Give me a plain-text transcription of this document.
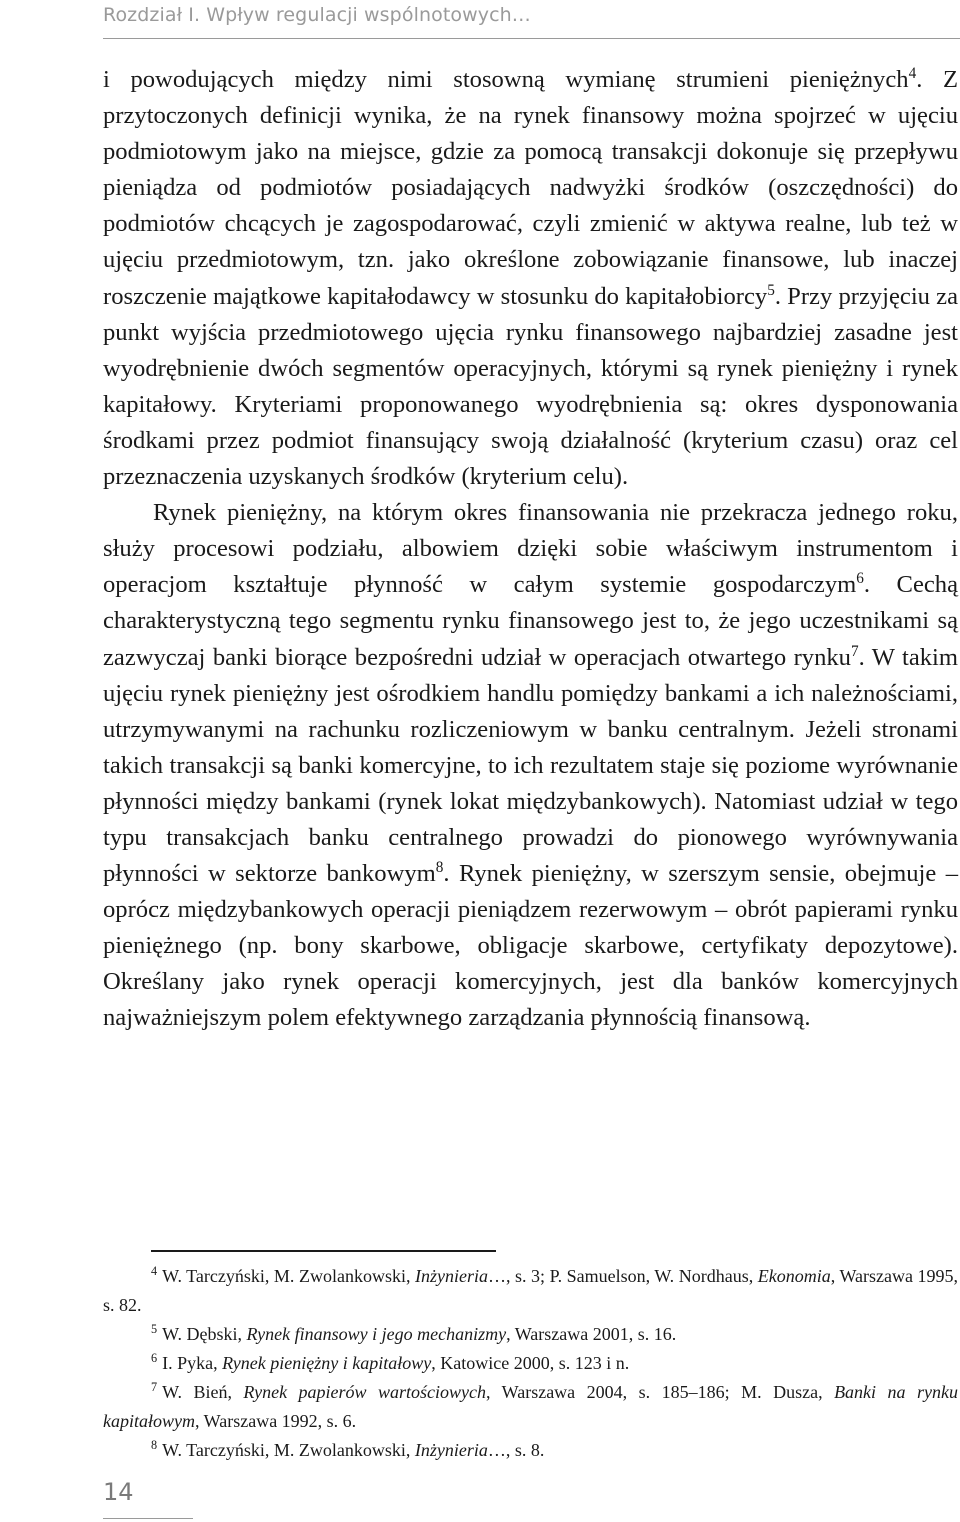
Rozdział I. Wpływ regulacji wspólnotowych…

i powodujących między nimi stosowną wymianę strumieni pieniężnych$^4$. Z przytoczonych definicji wynika, że na rynek finansowy można spojrzeć w ujęciu podmiotowym jako na miejsce, gdzie za pomocą transakcji dokonuje się przepływu pieniądza od podmiotów posiadających nadwyżki środków (oszczędności) do podmiotów chcących je zagospodarować, czyli zmienić w aktywa realne, lub też w ujęciu przedmiotowym, tzn. jako określone zobowiązanie finansowe, lub inaczej roszczenie majątkowe kapitałodawcy w stosunku do kapitałobiorcy$^5$. Przy przyjęciu za punkt wyjścia przedmiotowego ujęcia rynku finansowego najbardziej zasadne jest wyodrębnienie dwóch segmentów operacyjnych, którymi są rynek pieniężny i rynek kapitałowy. Kryteriami proponowanego wyodrębnienia są: okres dysponowania środkami przez podmiot finansujący swoją działalność (kryterium czasu) oraz cel przeznaczenia uzyskanych środków (kryterium celu).

Rynek pieniężny, na którym okres finansowania nie przekracza jednego roku, służy procesowi podziału, albowiem dzięki sobie właściwym instrumentom i operacjom kształtuje płynność w całym systemie gospodarczym$^6$. Cechą charakterystyczną tego segmentu rynku finansowego jest to, że jego uczestnikami są zazwyczaj banki biorące bezpośredni udział w operacjach otwartego rynku$^7$. W takim ujęciu rynek pieniężny jest ośrodkiem handlu pomiędzy bankami a ich należnościami, utrzymywanymi na rachunku rozliczeniowym w banku centralnym. Jeżeli stronami takich transakcji są banki komercyjne, to ich rezultatem staje się poziome wyrównanie płynności między bankami (rynek lokat międzybankowych). Natomiast udział w tego typu transakcjach banku centralnego prowadzi do pionowego wyrównywania płynności w sektorze bankowym$^8$. Rynek pieniężny, w szerszym sensie, obejmuje – oprócz międzybankowych operacji pieniądzem rezerwowym – obrót papierami rynku pieniężnego (np. bony skarbowe, obligacje skarbowe, certyfikaty depozytowe). Określany jako rynek operacji komercyjnych, jest dla banków komercyjnych najważniejszym polem efektywnego zarządzania płynnością finansową.

$^4$ W. Tarczyński, M. Zwolankowski, Inżynieria…, s. 3; P. Samuelson, W. Nordhaus, Ekonomia, Warszawa 1995, s. 82.

$^5$ W. Dębski, Rynek finansowy i jego mechanizmy, Warszawa 2001, s. 16.

$^6$ I. Pyka, Rynek pieniężny i kapitałowy, Katowice 2000, s. 123 i n.

$^7$ W. Bień, Rynek papierów wartościowych, Warszawa 2004, s. 185–186; M. Dusza, Banki na rynku kapitałowym, Warszawa 1992, s. 6.

$^8$ W. Tarczyński, M. Zwolankowski, Inżynieria…, s. 8.

14
